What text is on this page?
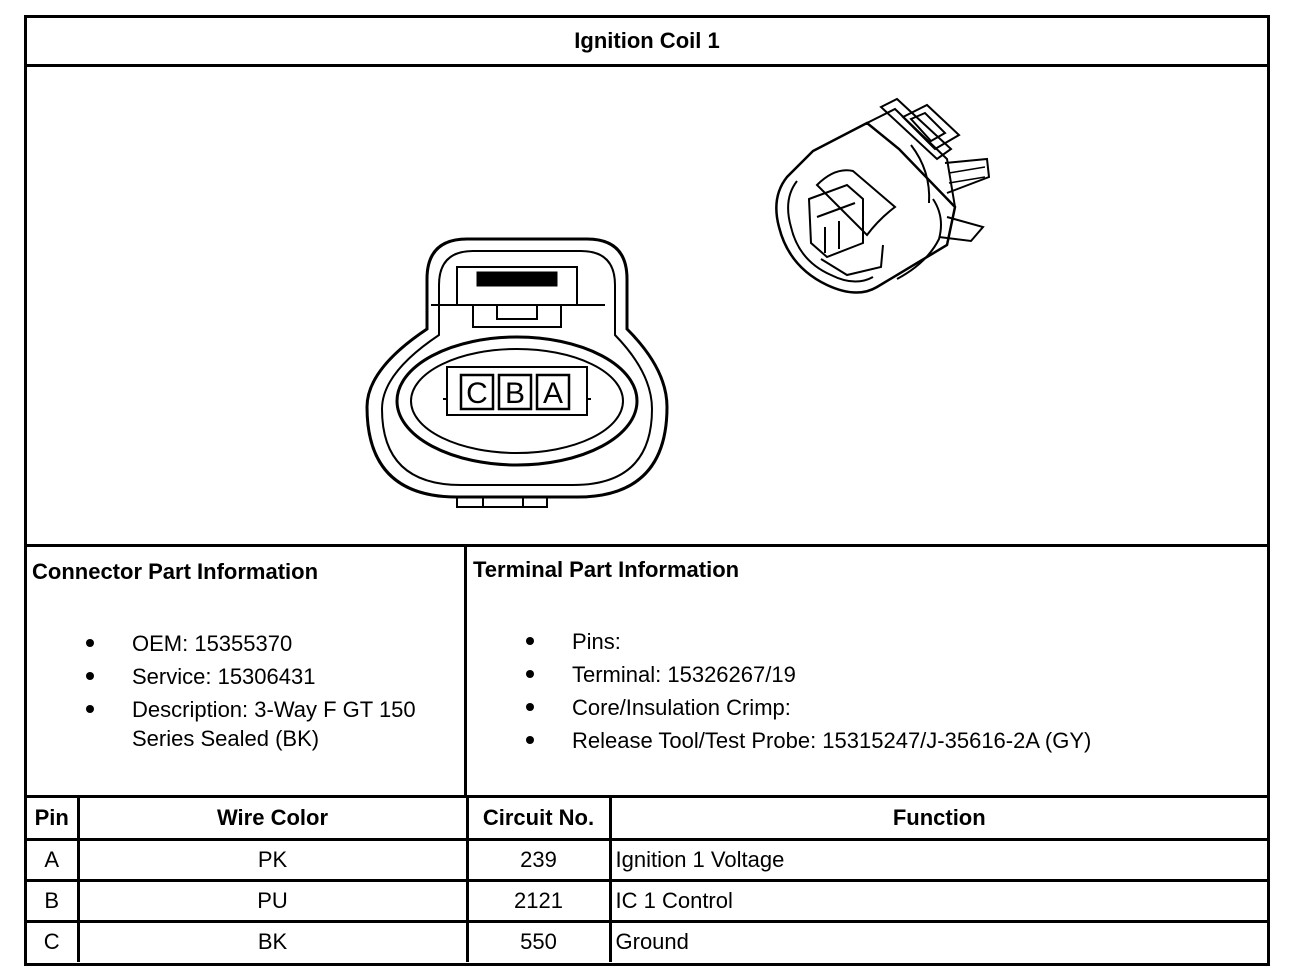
Ignition Coil 1
C B A
Connector Part Information
OEM: 15355370
Service: 15306431
Description: 3-Way F GT 150 Series Sealed (BK)
Terminal Part Information
Pins:
Terminal: 15326267/19
Core/Insulation Crimp:
Release Tool/Test Probe: 15315247/J-35616-2A (GY)
Pin	Wire Color	Circuit No.	Function
A	PK	239	Ignition 1 Voltage
B	PU	2121	IC 1 Control
C	BK	550	Ground
